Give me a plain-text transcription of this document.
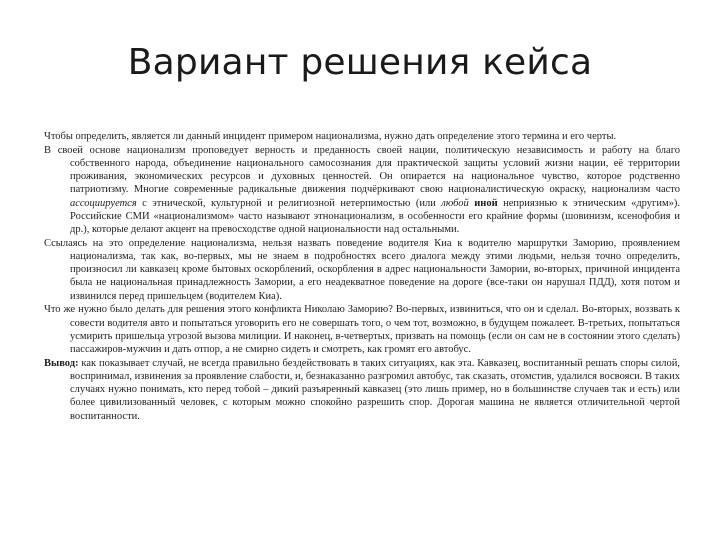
Вариант решения кейса

Чтобы определить, является ли данный инцидент примером национализма, нужно дать определение этого термина и его черты.

В своей основе национализм проповедует верность и преданность своей нации, политическую независимость и работу на благо собственного народа, объединение национального самосознания для практической защиты условий жизни нации, её территории проживания, экономических ресурсов и духовных ценностей. Он опирается на национальное чувство, которое родственно патриотизму. Многие современные радикальные движения подчёркивают свою националистическую окраску, национализм часто ассоциируется с этнической, культурной и религиозной нетерпимостью (или любой иной неприязнью к этническим «другим»). Российские СМИ «национализмом» часто называют этнонационализм, в особенности его крайние формы (шовинизм, ксенофобия и др.), которые делают акцент на превосходстве одной национальности над остальными.

Ссылаясь на это определение национализма, нельзя назвать поведение водителя Киа к водителю маршрутки Заморию, проявлением национализма, так как, во-первых, мы не знаем в подробностях всего диалога между этими людьми, нельзя точно определить, произносил ли кавказец кроме бытовых оскорблений, оскорбления в адрес национальности Замории, во-вторых, причиной инцидента была не национальная принадлежность Замории, а его неадекватное поведение на дороге (все-таки он нарушал ПДД), хотя потом и извинился перед пришельцем (водителем Киа).

Что же нужно было делать для решения этого конфликта Николаю Заморию? Во-первых, извиниться, что он и сделал. Во-вторых, воззвать к совести водителя авто и попытаться уговорить его не совершать того, о чем тот, возможно, в будущем пожалеет. В-третьих, попытаться усмирить пришельца угрозой вызова милиции. И наконец, в-четвертых, призвать на помощь (если он сам не в состоянии этого сделать) пассажиров-мужчин и дать отпор, а не смирно сидеть и смотреть, как громят его автобус.

Вывод: как показывает случай, не всегда правильно бездействовать в таких ситуациях, как эта. Кавказец, воспитанный решать споры силой, воспринимал, извинения за проявление слабости, и, безнаказанно разгромил автобус, так сказать, отомстив, удалился восвояси. В таких случаях нужно понимать, кто перед тобой – дикий разъяренный кавказец (это лишь пример, но в большинстве случаев так и есть) или более цивилизованный человек, с которым можно спокойно разрешить спор. Дорогая машина не является отличительной чертой воспитанности.
